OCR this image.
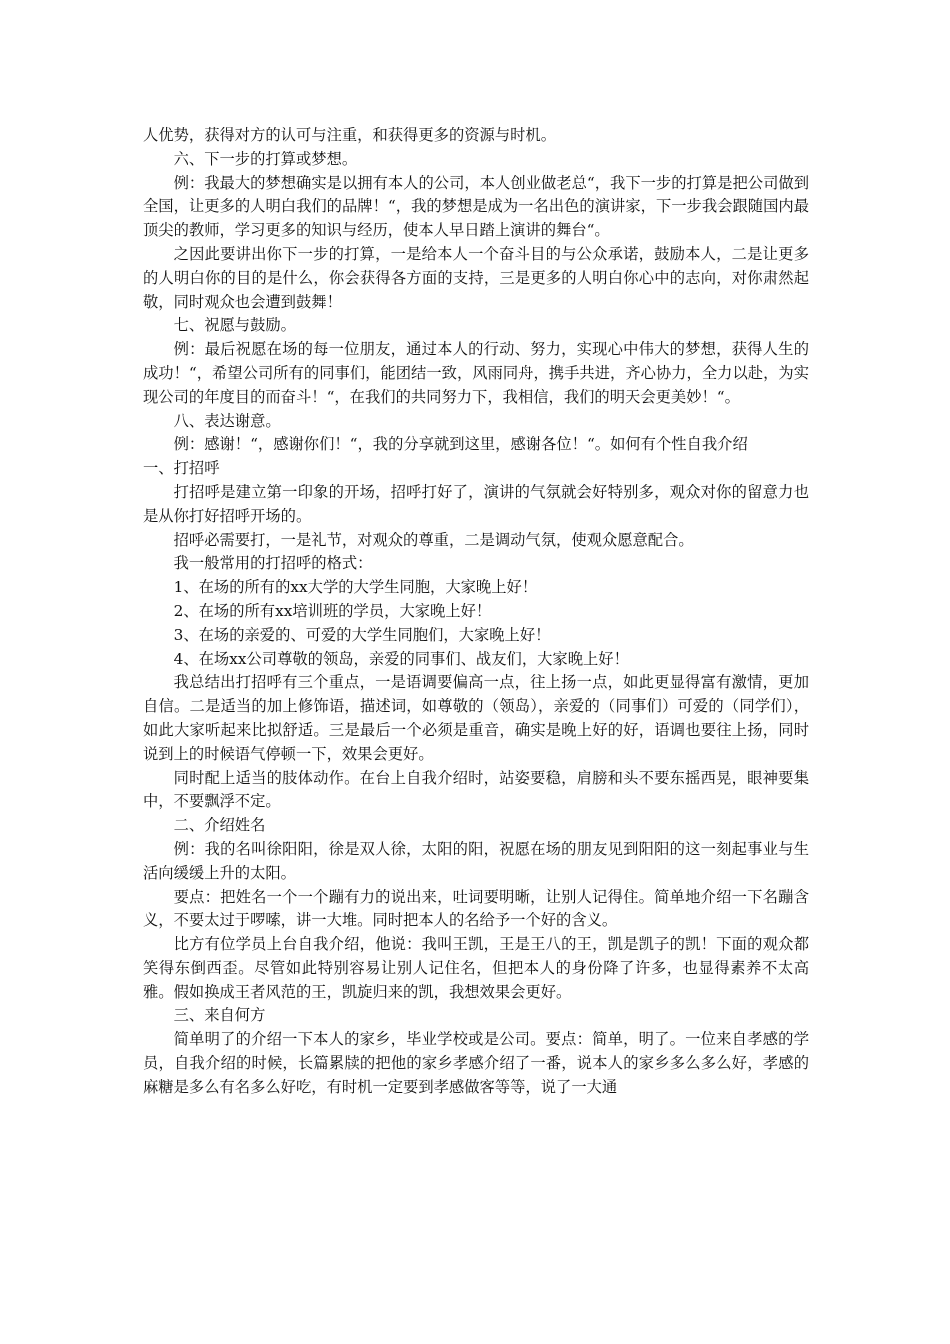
人优势，获得对方的认可与注重，和获得更多的资源与时机。

六、下一步的打算或梦想。

例：我最大的梦想确实是以拥有本人的公司，本人创业做老总“，我下一步的打算是把公司做到全国，让更多的人明白我们的品牌！“，我的梦想是成为一名出色的演讲家，下一步我会跟随国内最顶尖的教师，学习更多的知识与经历，使本人早日踏上演讲的舞台“。

之因此要讲出你下一步的打算，一是给本人一个奋斗目的与公众承诺，鼓励本人，二是让更多的人明白你的目的是什么，你会获得各方面的支持，三是更多的人明白你心中的志向，对你肃然起敬，同时观众也会遭到鼓舞！

七、祝愿与鼓励。

例：最后祝愿在场的每一位朋友，通过本人的行动、努力，实现心中伟大的梦想，获得人生的成功！“，希望公司所有的同事们，能团结一致，风雨同舟，携手共进，齐心协力，全力以赴，为实现公司的年度目的而奋斗！“，在我们的共同努力下，我相信，我们的明天会更美妙！“。

八、表达谢意。

例：感谢！“，感谢你们！“，我的分享就到这里，感谢各位！“。如何有个性自我介绍

一、打招呼

打招呼是建立第一印象的开场，招呼打好了，演讲的气氛就会好特别多，观众对你的留意力也是从你打好招呼开场的。

招呼必需要打，一是礼节，对观众的尊重，二是调动气氛，使观众愿意配合。

我一般常用的打招呼的格式：

1、在场的所有的xx大学的大学生同胞，大家晚上好！

2、在场的所有xx培训班的学员，大家晚上好！

3、在场的亲爱的、可爱的大学生同胞们，大家晚上好！

4、在场xx公司尊敬的领岛，亲爱的同事们、战友们，大家晚上好！

我总结出打招呼有三个重点，一是语调要偏高一点，往上扬一点，如此更显得富有激情，更加自信。二是适当的加上修饰语，描述词，如尊敬的（领岛），亲爱的（同事们）可爱的（同学们），如此大家听起来比拟舒适。三是最后一个必须是重音，确实是晚上好的好，语调也要往上扬，同时说到上的时候语气停顿一下，效果会更好。

同时配上适当的肢体动作。在台上自我介绍时，站姿要稳，肩膀和头不要东摇西晃，眼神要集中，不要飘浮不定。

二、介绍姓名

例：我的名叫徐阳阳，徐是双人徐，太阳的阳，祝愿在场的朋友见到阳阳的这一刻起事业与生活向缓缓上升的太阳。

要点：把姓名一个一个蹦有力的说出来，吐词要明晰，让别人记得住。简单地介绍一下名蹦含义，不要太过于啰嗦，讲一大堆。同时把本人的名给予一个好的含义。

比方有位学员上台自我介绍，他说：我叫王凯，王是王八的王，凯是凯子的凯！下面的观众都笑得东倒西歪。尽管如此特别容易让别人记住名，但把本人的身份降了许多，也显得素养不太高雅。假如换成王者风范的王，凯旋归来的凯，我想效果会更好。

三、来自何方

简单明了的介绍一下本人的家乡，毕业学校或是公司。要点：简单，明了。一位来自孝感的学员，自我介绍的时候，长篇累牍的把他的家乡孝感介绍了一番，说本人的家乡多么多么好，孝感的麻糖是多么有名多么好吃，有时机一定要到孝感做客等等，说了一大通
